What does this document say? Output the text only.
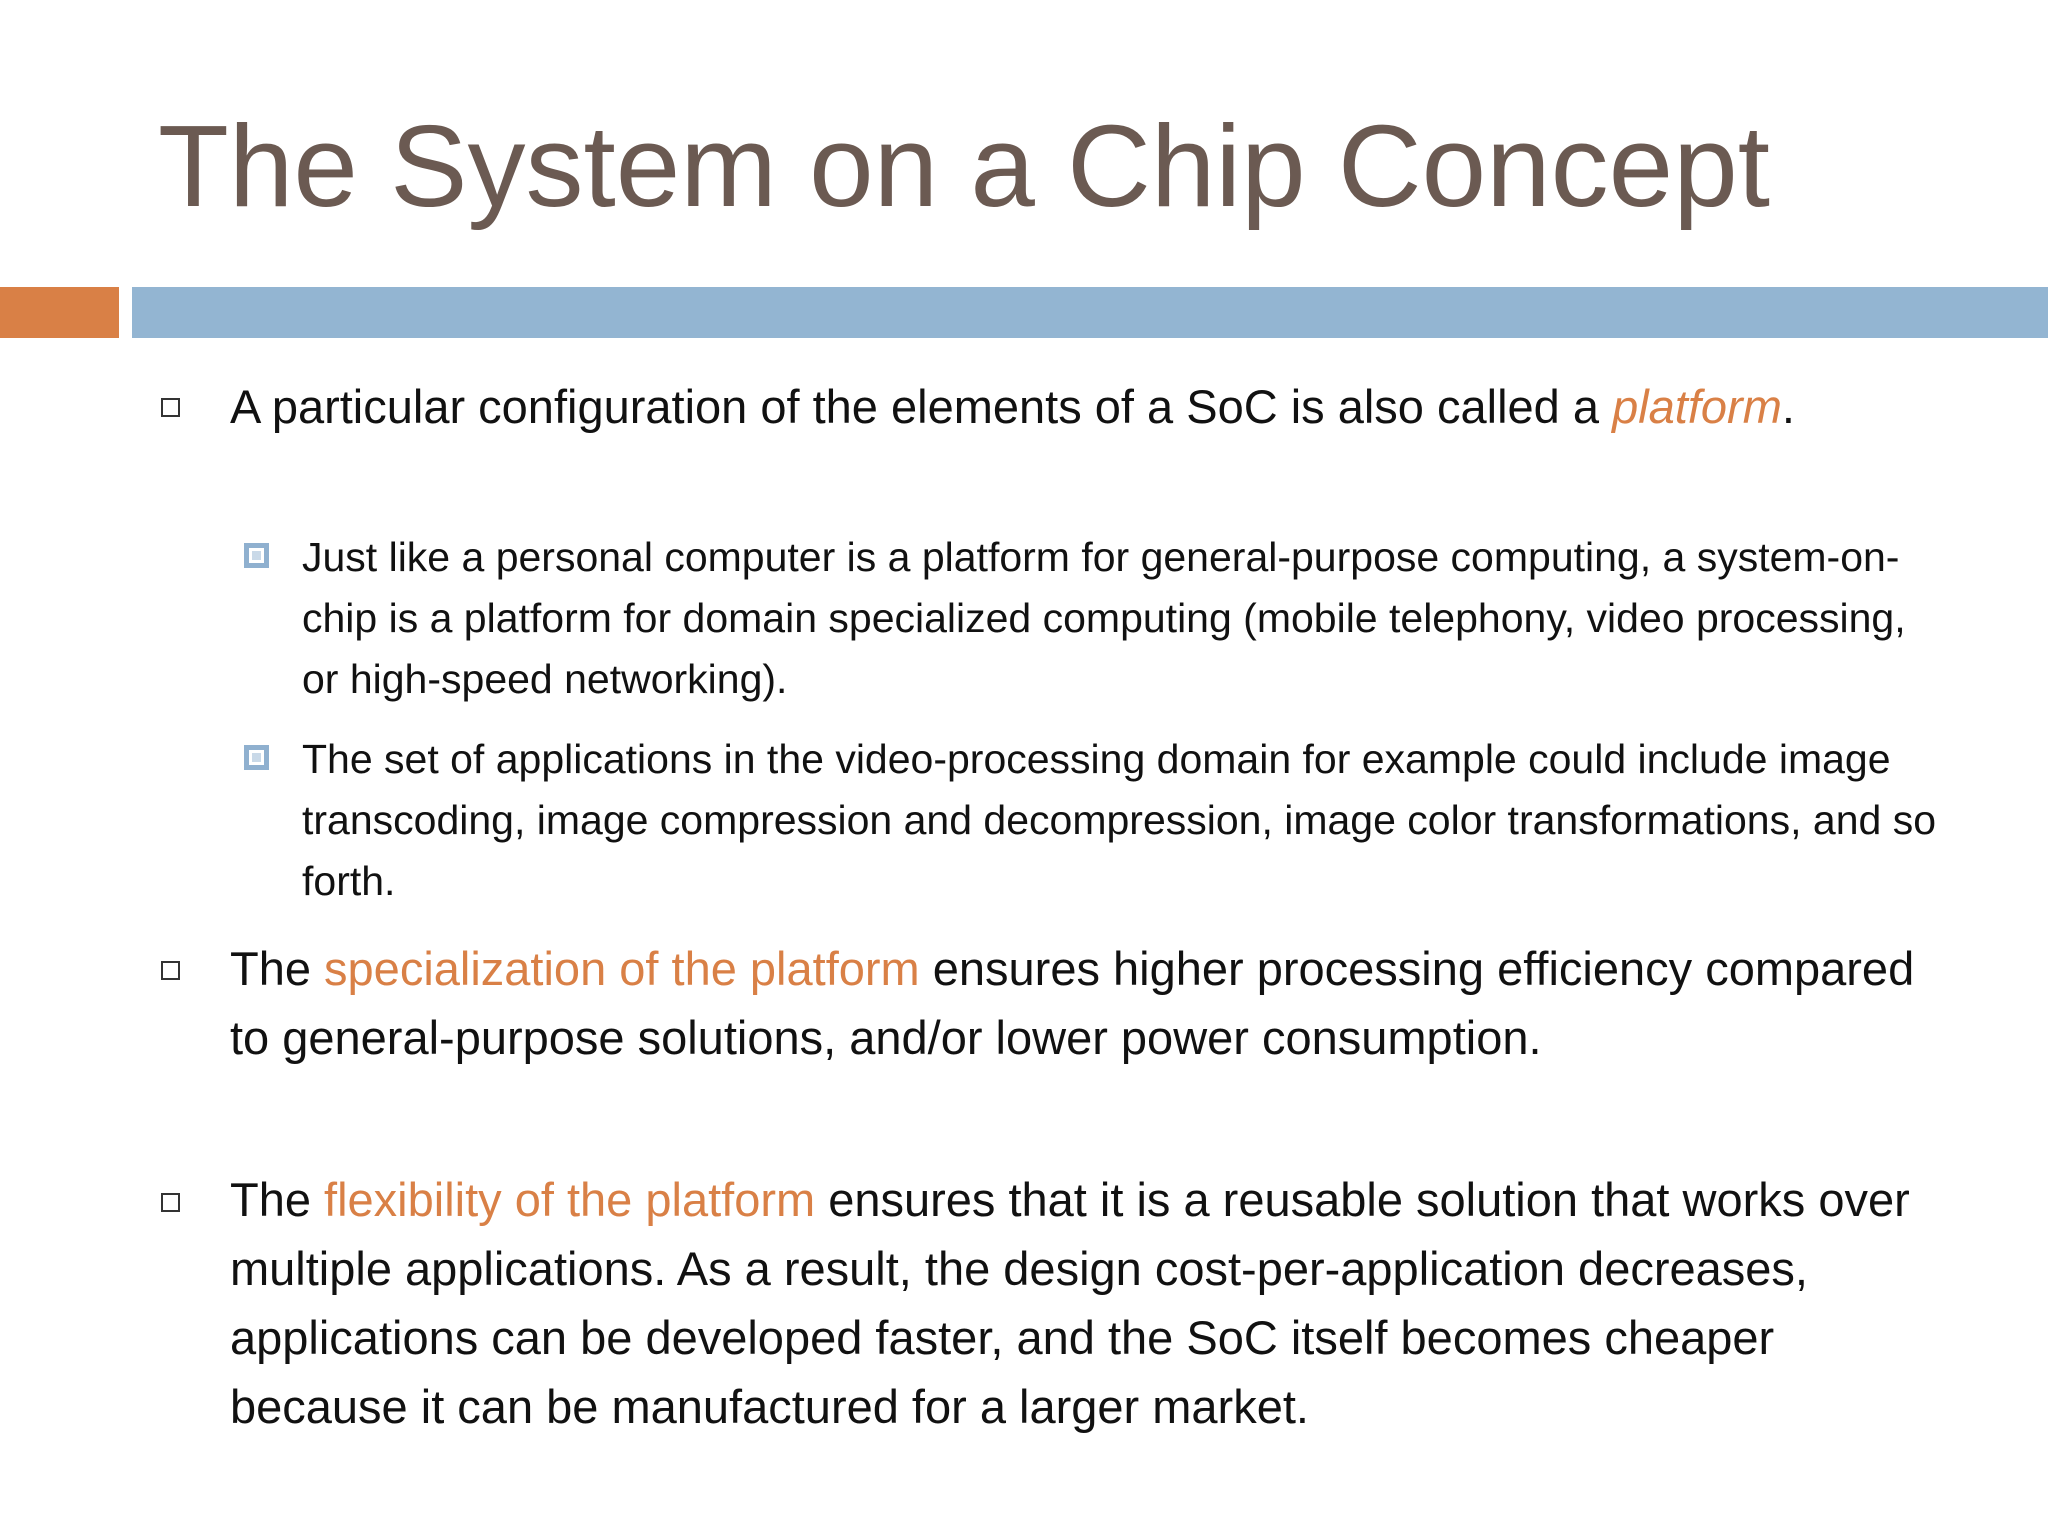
The System on a Chip Concept
A particular configuration of the elements of a SoC is also called a platform.
Just like a personal computer is a platform for general-purpose computing, a system-on-chip is a platform for domain specialized computing (mobile telephony, video processing, or high-speed networking).
The set of applications in the video-processing domain for example could include image transcoding, image compression and decompression, image color transformations, and so forth.
The specialization of the platform ensures higher processing efficiency compared to general-purpose solutions, and/or lower power consumption.
The flexibility of the platform ensures that it is a reusable solution that works over multiple applications. As a result, the design cost-per-application decreases, applications can be developed faster, and the SoC itself becomes cheaper because it can be manufactured for a larger market.
